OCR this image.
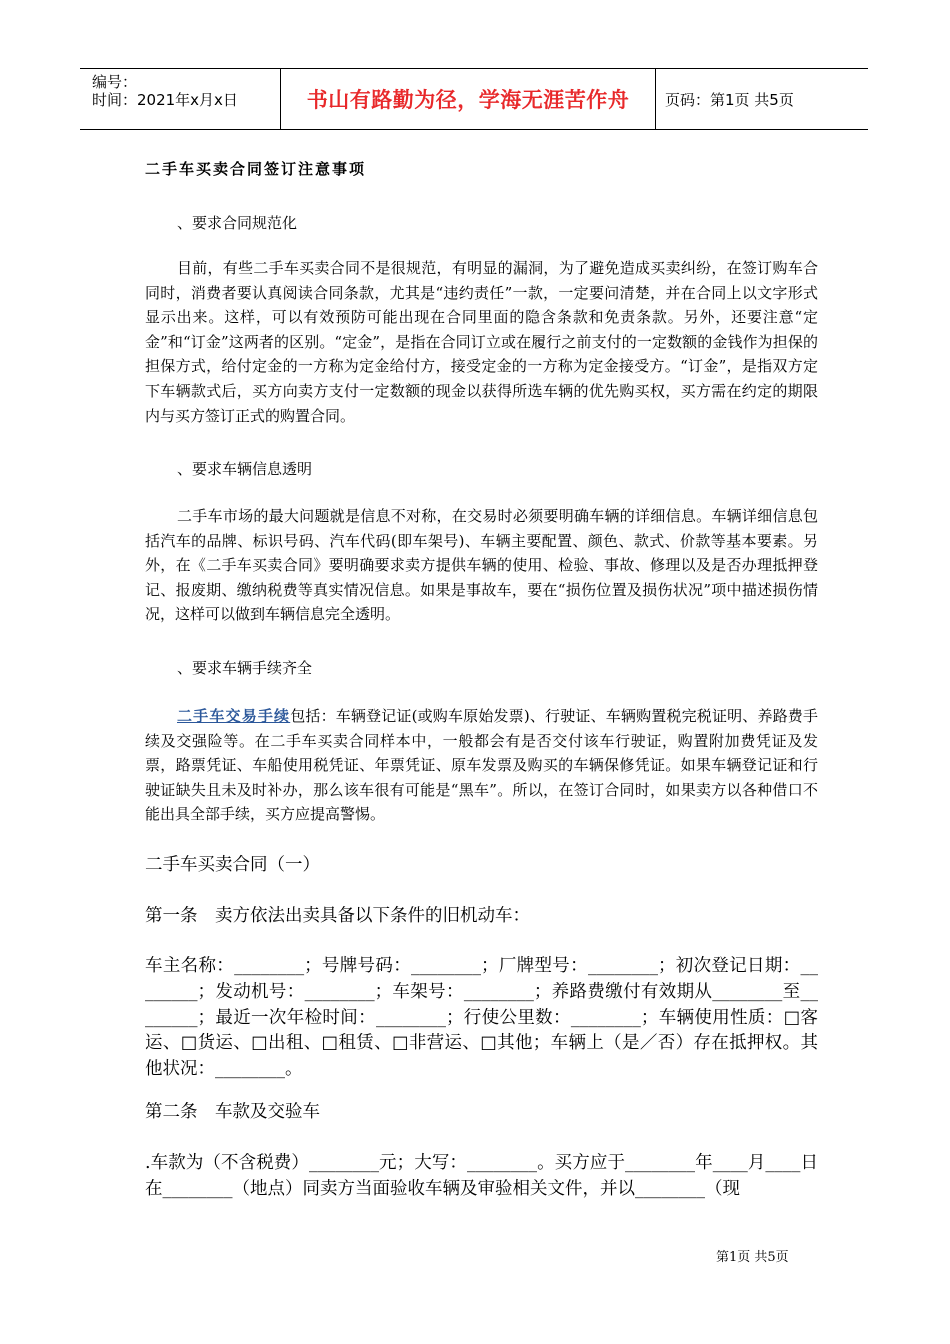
编号：
时间：2021年x月x日	书山有路勤为径，学海无涯苦作舟 页码：第1页 共5页
二手车买卖合同签订注意事项
、要求合同规范化
目前，有些二手车买卖合同不是很规范，有明显的漏洞，为了避免造成买卖纠纷，在签订购车合同时，消费者要认真阅读合同条款，尤其是“违约责任”一款，一定要问清楚，并在合同上以文字形式显示出来。这样，可以有效预防可能出现在合同里面的隐含条款和免责条款。另外，还要注意“定金”和“订金”这两者的区别。“定金”，是指在合同订立或在履行之前支付的一定数额的金钱作为担保的担保方式，给付定金的一方称为定金给付方，接受定金的一方称为定金接受方。“订金”，是指双方定下车辆款式后，买方向卖方支付一定数额的现金以获得所选车辆的优先购买权，买方需在约定的期限内与买方签订正式的购置合同。
、要求车辆信息透明
二手车市场的最大问题就是信息不对称，在交易时必须要明确车辆的详细信息。车辆详细信息包括汽车的品牌、标识号码、汽车代码(即车架号)、车辆主要配置、颜色、款式、价款等基本要素。另外，在《二手车买卖合同》要明确要求卖方提供车辆的使用、检验、事故、修理以及是否办理抵押登记、报废期、缴纳税费等真实情况信息。如果是事故车，要在“损伤位置及损伤状况”项中描述损伤情况，这样可以做到车辆信息完全透明。
、要求车辆手续齐全
二手车交易手续包括：车辆登记证(或购车原始发票)、行驶证、车辆购置税完税证明、养路费手续及交强险等。在二手车买卖合同样本中，一般都会有是否交付该车行驶证，购置附加费凭证及发票，路票凭证、车船使用税凭证、年票凭证、原车发票及购买的车辆保修凭证。如果车辆登记证和行驶证缺失且未及时补办，那么该车很有可能是“黑车”。所以，在签订合同时，如果卖方以各种借口不能出具全部手续，买方应提高警惕。
二手车买卖合同（一）
第一条　卖方依法出卖具备以下条件的旧机动车：
车主名称：________；号牌号码：________；厂牌型号：________；初次登记日期：________；发动机号：________；车架号：________；养路费缴付有效期从________至________；最近一次年检时间：________；行使公里数：________；车辆使用性质：□客运、□货运、□出租、□租赁、□非营运、□其他；车辆上（是／否）存在抵押权。其他状况：________。
第二条　车款及交验车
.车款为（不含税费）________元；大写：________。买方应于________年____月____日在________（地点）同卖方当面验收车辆及审验相关文件，并以________（现
第1页 共5页
